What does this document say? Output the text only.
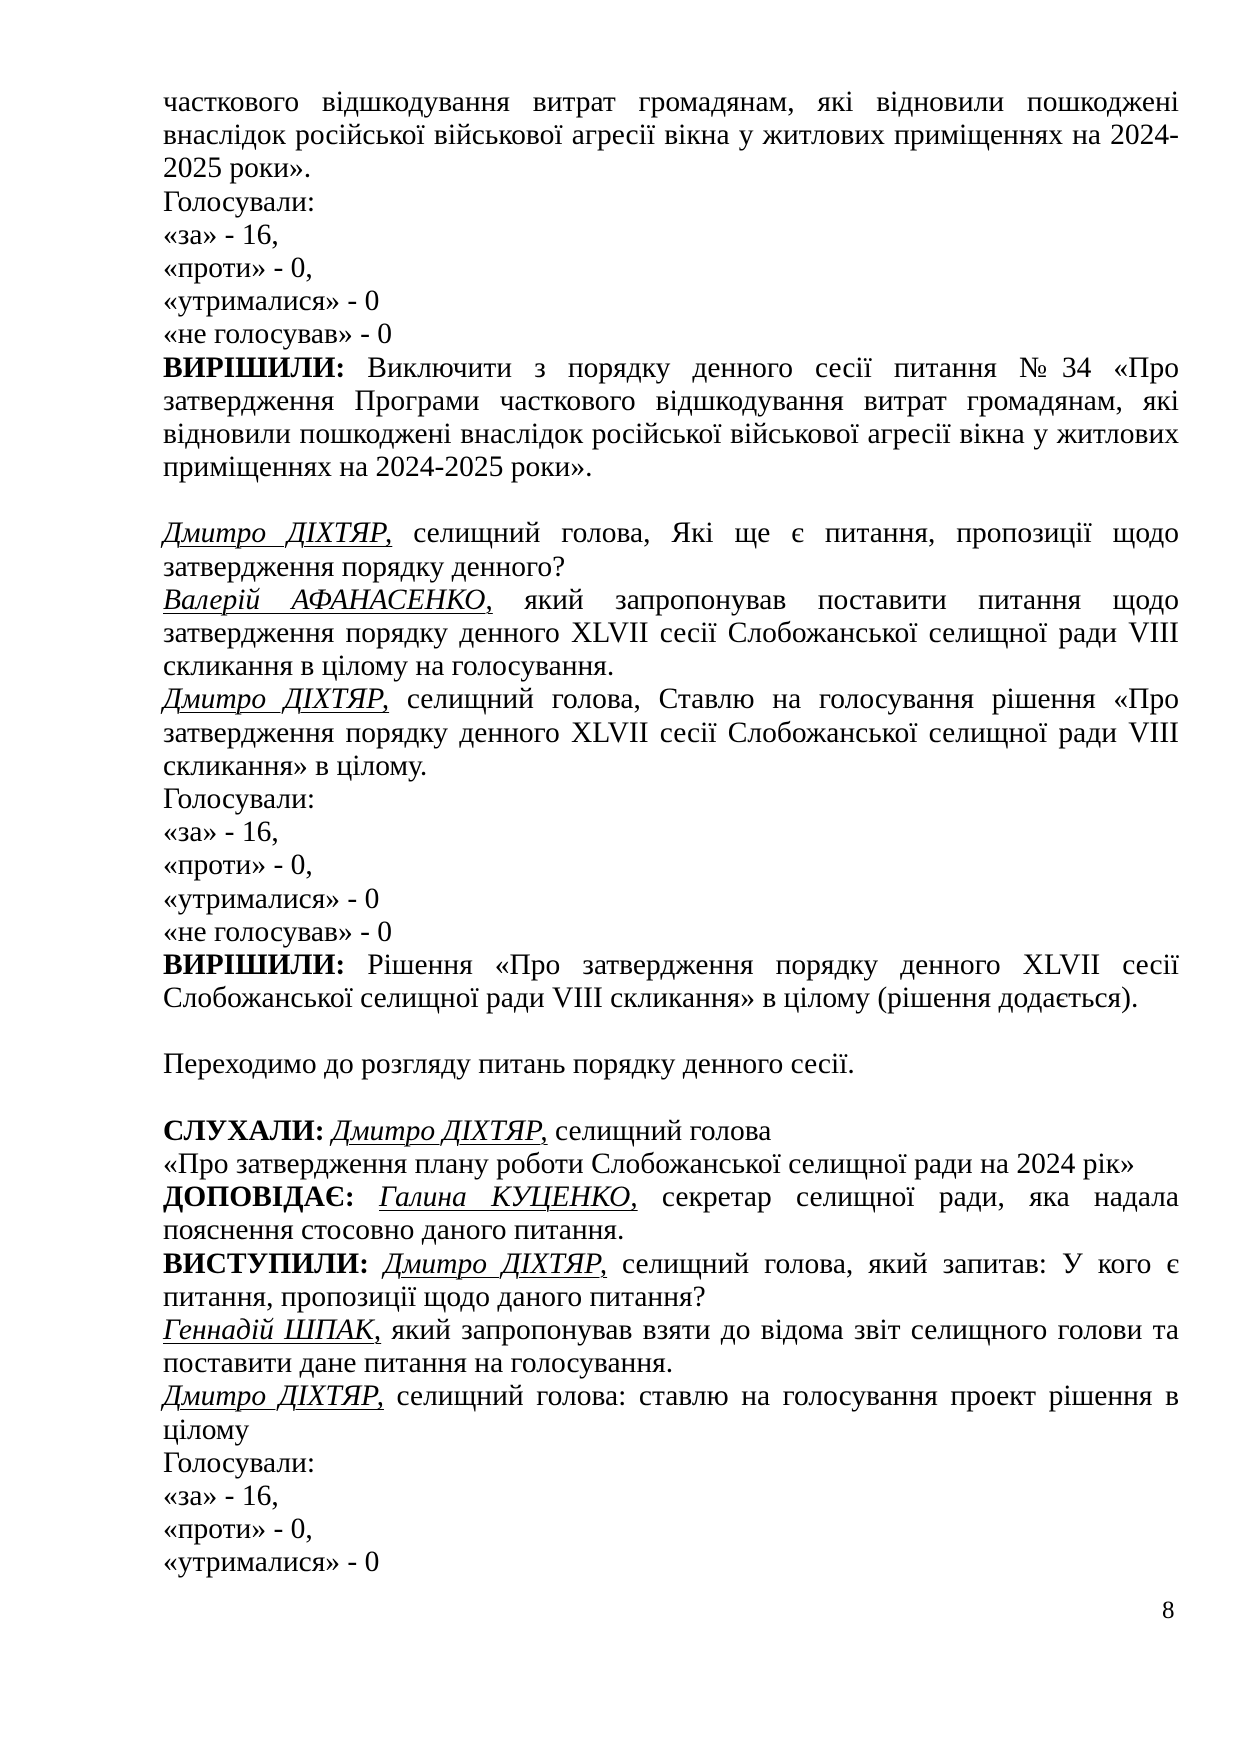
часткового відшкодування витрат громадянам, які відновили пошкоджені внаслідок російської військової агресії вікна у житлових приміщеннях на 2024-2025 роки».

Голосували:

«за» - 16,

«проти» - 0,

«утрималися» - 0

«не голосував» - 0

ВИРІШИЛИ: Виключити з порядку денного сесії питання №34 «Про затвердження Програми часткового відшкодування витрат громадянам, які відновили пошкоджені внаслідок російської військової агресії вікна у житлових приміщеннях на 2024-2025 роки».

Дмитро ДІХТЯР, селищний голова, Які ще є питання, пропозиції щодо затвердження порядку денного?

Валерій АФАНАСЕНКО, який запропонував поставити питання щодо затвердження порядку денного XLVII сесії Слобожанської селищної ради VIII скликання в цілому на голосування.

Дмитро ДІХТЯР, селищний голова, Ставлю на голосування рішення «Про затвердження порядку денного XLVII сесії Слобожанської селищної ради VIII скликання» в цілому.

Голосували:

«за» - 16,

«проти» - 0,

«утрималися» - 0

«не голосував» - 0

ВИРІШИЛИ: Рішення «Про затвердження порядку денного XLVII сесії Слобожанської селищної ради VIII скликання» в цілому (рішення додається).

Переходимо до розгляду питань порядку денного сесії.

СЛУХАЛИ: Дмитро ДІХТЯР, селищний голова

«Про затвердження плану роботи Слобожанської селищної ради на 2024 рік»

ДОПОВІДАЄ: Галина КУЦЕНКО, секретар селищної ради, яка надала пояснення стосовно даного питання.

ВИСТУПИЛИ: Дмитро ДІХТЯР, селищний голова, який запитав: У кого є питання, пропозиції щодо даного питання?

Геннадій ШПАК, який запропонував взяти до відома звіт селищного голови та поставити дане питання на голосування.

Дмитро ДІХТЯР, селищний голова: ставлю на голосування проект рішення в цілому

Голосували:

«за» - 16,

«проти» - 0,

«утрималися» - 0

8
